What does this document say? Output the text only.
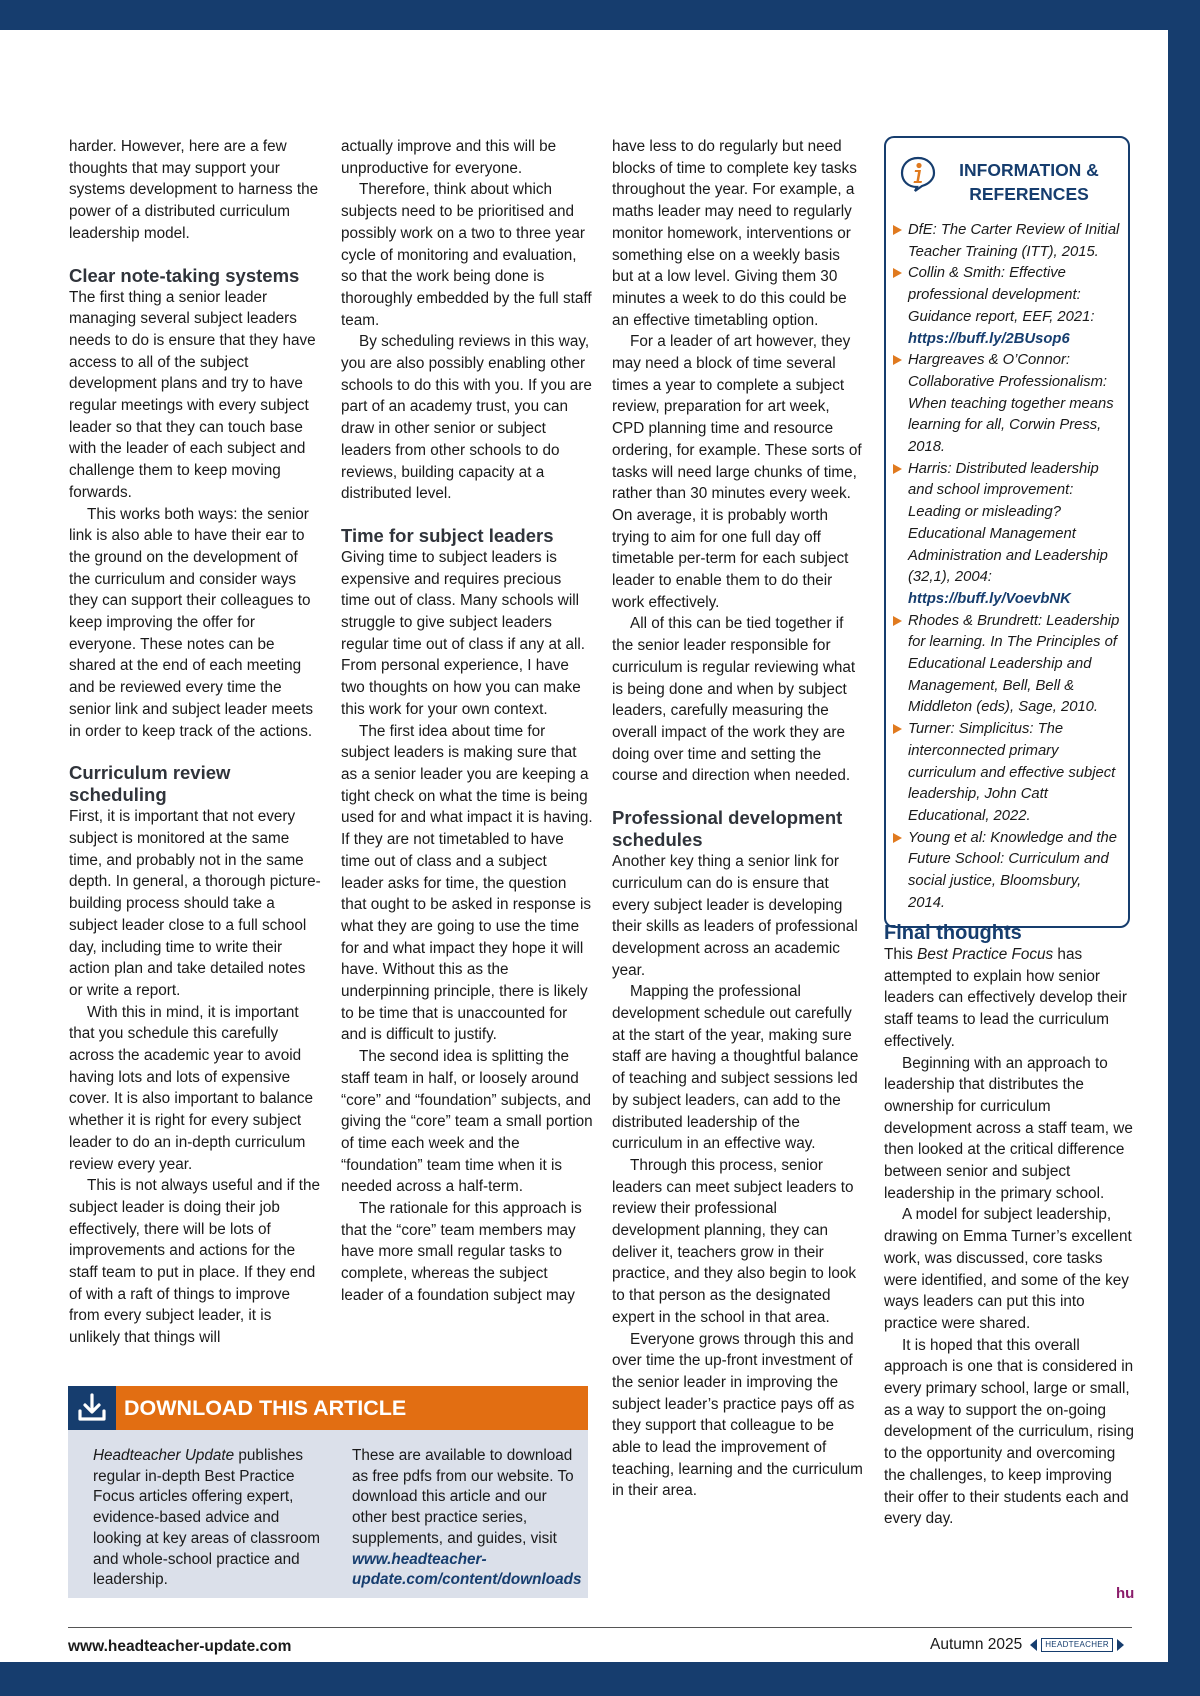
harder. However, here are a few thoughts that may support your systems development to harness the power of a distributed curriculum leadership model.

Clear note-taking systems

The first thing a senior leader managing several subject leaders needs to do is ensure that they have access to all of the subject development plans and try to have regular meetings with every subject leader so that they can touch base with the leader of each subject and challenge them to keep moving forwards.

This works both ways: the senior link is also able to have their ear to the ground on the development of the curriculum and consider ways they can support their colleagues to keep improving the offer for everyone. These notes can be shared at the end of each meeting and be reviewed every time the senior link and subject leader meets in order to keep track of the actions.

Curriculum review scheduling

First, it is important that not every subject is monitored at the same time, and probably not in the same depth. In general, a thorough picture-building process should take a subject leader close to a full school day, including time to write their action plan and take detailed notes or write a report.

With this in mind, it is important that you schedule this carefully across the academic year to avoid having lots and lots of expensive cover. It is also important to balance whether it is right for every subject leader to do an in-depth curriculum review every year.

This is not always useful and if the subject leader is doing their job effectively, there will be lots of improvements and actions for the staff team to put in place. If they end of with a raft of things to improve from every subject leader, it is unlikely that things will

actually improve and this will be unproductive for everyone.

Therefore, think about which subjects need to be prioritised and possibly work on a two to three year cycle of monitoring and evaluation, so that the work being done is thoroughly embedded by the full staff team.

By scheduling reviews in this way, you are also possibly enabling other schools to do this with you. If you are part of an academy trust, you can draw in other senior or subject leaders from other schools to do reviews, building capacity at a distributed level.

Time for subject leaders

Giving time to subject leaders is expensive and requires precious time out of class. Many schools will struggle to give subject leaders regular time out of class if any at all. From personal experience, I have two thoughts on how you can make this work for your own context.

The first idea about time for subject leaders is making sure that as a senior leader you are keeping a tight check on what the time is being used for and what impact it is having. If they are not timetabled to have time out of class and a subject leader asks for time, the question that ought to be asked in response is what they are going to use the time for and what impact they hope it will have. Without this as the underpinning principle, there is likely to be time that is unaccounted for and is difficult to justify.

The second idea is splitting the staff team in half, or loosely around “core” and “foundation” subjects, and giving the “core” team a small portion of time each week and the “foundation” team time when it is needed across a half-term.

The rationale for this approach is that the “core” team members may have more small regular tasks to complete, whereas the subject leader of a foundation subject may

have less to do regularly but need blocks of time to complete key tasks throughout the year. For example, a maths leader may need to regularly monitor homework, interventions or something else on a weekly basis but at a low level. Giving them 30 minutes a week to do this could be an effective timetabling option.

For a leader of art however, they may need a block of time several times a year to complete a subject review, preparation for art week, CPD planning time and resource ordering, for example. These sorts of tasks will need large chunks of time, rather than 30 minutes every week. On average, it is probably worth trying to aim for one full day off timetable per-term for each subject leader to enable them to do their work effectively.

All of this can be tied together if the senior leader responsible for curriculum is regular reviewing what is being done and when by subject leaders, carefully measuring the overall impact of the work they are doing over time and setting the course and direction when needed.

Professional development schedules

Another key thing a senior link for curriculum can do is ensure that every subject leader is developing their skills as leaders of professional development across an academic year.

Mapping the professional development schedule out carefully at the start of the year, making sure staff are having a thoughtful balance of teaching and subject sessions led by subject leaders, can add to the distributed leadership of the curriculum in an effective way.

Through this process, senior leaders can meet subject leaders to review their professional development planning, they can deliver it, teachers grow in their practice, and they also begin to look to that person as the designated expert in the school in that area.

Everyone grows through this and over time the up-front investment of the senior leader in improving the subject leader’s practice pays off as they support that colleague to be able to lead the improvement of teaching, learning and the curriculum in their area.

INFORMATION & REFERENCES
DfE: The Carter Review of Initial Teacher Training (ITT), 2015.
Collin & Smith: Effective professional development: Guidance report, EEF, 2021:
https://buff.ly/2BUsop6
Hargreaves & O’Connor: Collaborative Professionalism: When teaching together means learning for all, Corwin Press, 2018.
Harris: Distributed leadership and school improvement: Leading or misleading? Educational Management Administration and Leadership (32,1), 2004:
https://buff.ly/VoevbNK
Rhodes & Brundrett: Leadership for learning. In The Principles of Educational Leadership and Management, Bell, Bell & Middleton (eds), Sage, 2010.
Turner: Simplicitus: The interconnected primary curriculum and effective subject leadership, John Catt Educational, 2022.
Young et al: Knowledge and the Future School: Curriculum and social justice, Bloomsbury, 2014.
Final thoughts

This Best Practice Focus has attempted to explain how senior leaders can effectively develop their staff teams to lead the curriculum effectively.

Beginning with an approach to leadership that distributes the ownership for curriculum development across a staff team, we then looked at the critical difference between senior and subject leadership in the primary school.

A model for subject leadership, drawing on Emma Turner’s excellent work, was discussed, core tasks were identified, and some of the key ways leaders can put this into practice were shared.

It is hoped that this overall approach is one that is considered in every primary school, large or small, as a way to support the on-going development of the curriculum, rising to the opportunity and overcoming the challenges, to keep improving their offer to their students each and every day.

hu
DOWNLOAD THIS ARTICLE
Headteacher Update publishes regular in-depth Best Practice Focus articles offering expert, evidence-based advice and looking at key areas of classroom and whole-school practice and leadership.
These are available to download as free pdfs from our website. To download this article and our other best practice series, supplements, and guides, visit www.headteacher-update.com/content/downloads
www.headteacher-update.com	Autumn 2025	HEADTEACHER
